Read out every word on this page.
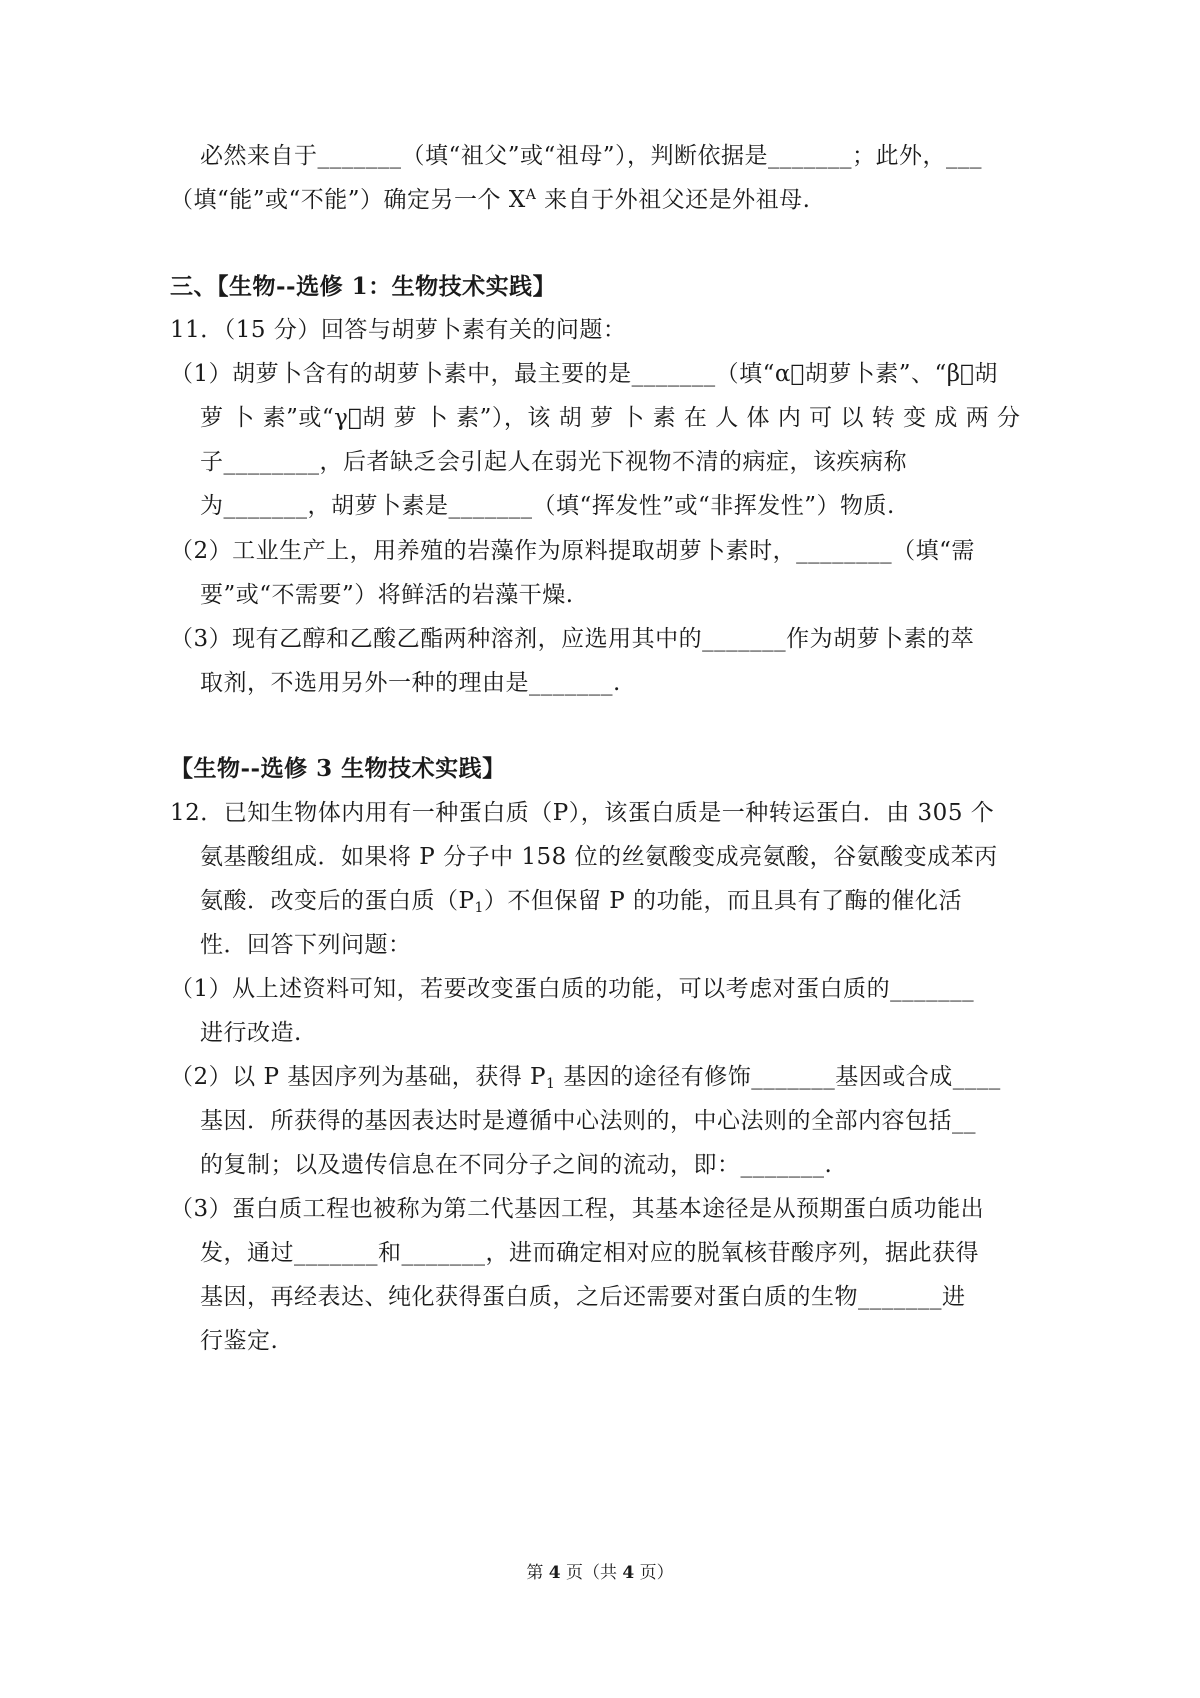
必然来自于_______（填“祖父”或“祖母”），判断依据是_______；此外，___
（填“能”或“不能”）确定另一个 $X^A$ 来自于外祖父还是外祖母.
三、【生物--选修 1：生物技术实践】
11．（15 分）回答与胡萝卜素有关的问题：
（1）胡萝卜含有的胡萝卜素中，最主要的是_______（填“α⃞胡萝卜素”、“β⃞胡
萝 卜 素”或“γ⃞胡 萝 卜 素”），该 胡 萝 卜 素 在 人 体 内 可 以 转 变 成 两 分
子________，后者缺乏会引起人在弱光下视物不清的病症，该疾病称
为_______，胡萝卜素是_______（填“挥发性”或“非挥发性”）物质.
（2）工业生产上，用养殖的岩藻作为原料提取胡萝卜素时，________（填“需
要”或“不需要”）将鲜活的岩藻干燥.
（3）现有乙醇和乙酸乙酯两种溶剂，应选用其中的_______作为胡萝卜素的萃
取剂，不选用另外一种的理由是_______.
【生物--选修 3 生物技术实践】
12．已知生物体内用有一种蛋白质（P），该蛋白质是一种转运蛋白．由 305 个
氨基酸组成．如果将 P 分子中 158 位的丝氨酸变成亮氨酸，谷氨酸变成苯丙
氨酸．改变后的蛋白质$(P_1)$不但保留 P 的功能，而且具有了酶的催化活
性．回答下列问题：
（1）从上述资料可知，若要改变蛋白质的功能，可以考虑对蛋白质的_______
进行改造.
（2）以 P 基因序列为基础，获得 $P_1$ 基因的途径有修饰_______基因或合成____
基因．所获得的基因表达时是遵循中心法则的，中心法则的全部内容包括__
的复制；以及遗传信息在不同分子之间的流动，即：_______.
（3）蛋白质工程也被称为第二代基因工程，其基本途径是从预期蛋白质功能出
发，通过_______和_______，进而确定相对应的脱氧核苷酸序列，据此获得
基因，再经表达、纯化获得蛋白质，之后还需要对蛋白质的生物_______进
行鉴定.
第 4 页（共 4 页）
